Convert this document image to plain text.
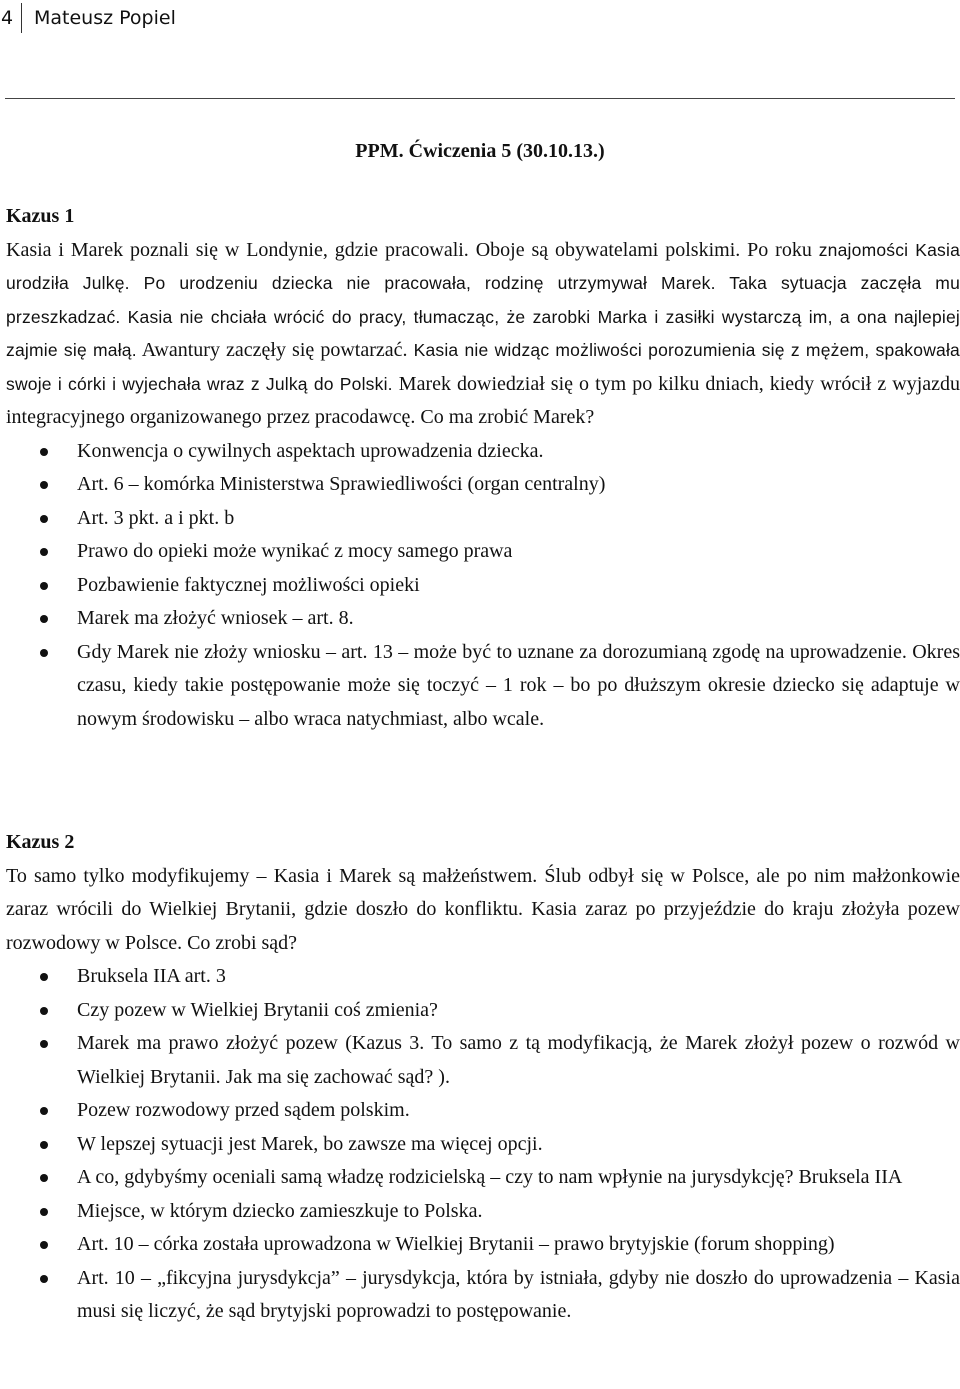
4	Mateusz Popiel
PPM. Ćwiczenia 5 (30.10.13.)
Kazus 1

Kasia i Marek poznali się w Londynie, gdzie pracowali. Oboje są obywatelami polskimi. Po roku znajomości Kasia urodziła Julkę. Po urodzeniu dziecka nie pracowała, rodzinę utrzymywał Marek. Taka sytuacja zaczęła mu przeszkadzać. Kasia nie chciała wrócić do pracy, tłumacząc, że zarobki Marka i zasiłki wystarczą im, a ona najlepiej zajmie się małą. Awantury zaczęły się powtarzać. Kasia nie widząc możliwości porozumienia się z mężem, spakowała swoje i córki i wyjechała wraz z Julką do Polski. Marek dowiedział się o tym po kilku dniach, kiedy wrócił z wyjazdu integracyjnego organizowanego przez pracodawcę. Co ma zrobić Marek?

Konwencja o cywilnych aspektach uprowadzenia dziecka.
Art. 6 – komórka Ministerstwa Sprawiedliwości (organ centralny)
Art. 3 pkt. a i pkt. b
Prawo do opieki może wynikać z mocy samego prawa
Pozbawienie faktycznej możliwości opieki
Marek ma złożyć wniosek – art. 8.
Gdy Marek nie złoży wniosku – art. 13 – może być to uznane za dorozumianą zgodę na uprowadzenie. Okres czasu, kiedy takie postępowanie może się toczyć – 1 rok – bo po dłuższym okresie dziecko się adaptuje w nowym środowisku – albo wraca natychmiast, albo wcale.
Kazus 2

To samo tylko modyfikujemy – Kasia i Marek są małżeństwem. Ślub odbył się w Polsce, ale po nim małżonkowie zaraz wrócili do Wielkiej Brytanii, gdzie doszło do konfliktu. Kasia zaraz po przyjeździe do kraju złożyła pozew rozwodowy w Polsce. Co zrobi sąd?

Bruksela IIA art. 3
Czy pozew w Wielkiej Brytanii coś zmienia?
Marek ma prawo złożyć pozew (Kazus 3. To samo z tą modyfikacją, że Marek złożył pozew o rozwód w Wielkiej Brytanii. Jak ma się zachować sąd? ).
Pozew rozwodowy przed sądem polskim.
W lepszej sytuacji jest Marek, bo zawsze ma więcej opcji.
A co, gdybyśmy oceniali samą władzę rodzicielską – czy to nam wpłynie na jurysdykcję? Bruksela IIA
Miejsce, w którym dziecko zamieszkuje to Polska.
Art. 10 – córka została uprowadzona w Wielkiej Brytanii – prawo brytyjskie (forum shopping)
Art. 10 – „fikcyjna jurysdykcja” – jurysdykcja, która by istniała, gdyby nie doszło do uprowadzenia – Kasia musi się liczyć, że sąd brytyjski poprowadzi to postępowanie.
